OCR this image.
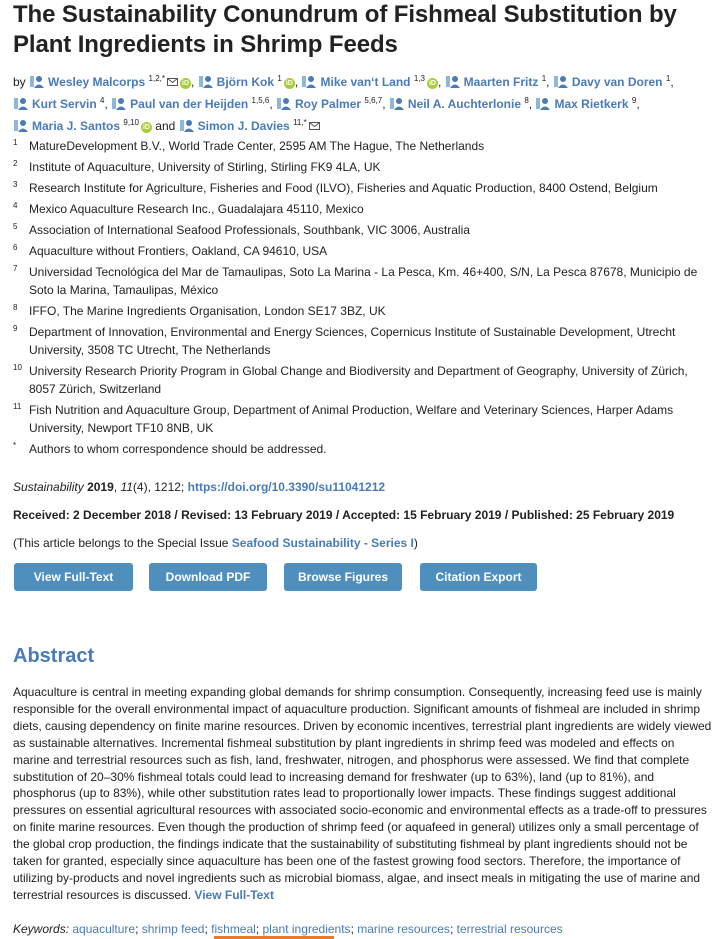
The Sustainability Conundrum of Fishmeal Substitution by Plant Ingredients in Shrimp Feeds
by Wesley Malcorps $^{1,2,*}$iD , Björn Kok $^1$iD , Mike van‘t Land $^{1,3}$iD , Maarten Fritz $^1$, Davy van Doren $^1$, Kurt Servin $^4$, Paul van der Heijden $^{1,5,6}$, Roy Palmer $^{5,6,7}$, Neil A. Auchterlonie $^8$, Max Rietkerk $^9$, Maria J. Santos $^{9,10}$iD and Simon J. Davies $^{11,*}$
1 MatureDevelopment B.V., World Trade Center, 2595 AM The Hague, The Netherlands
2 Institute of Aquaculture, University of Stirling, Stirling FK9 4LA, UK
3 Research Institute for Agriculture, Fisheries and Food (ILVO), Fisheries and Aquatic Production, 8400 Ostend, Belgium
4 Mexico Aquaculture Research Inc., Guadalajara 45110, Mexico
5 Association of International Seafood Professionals, Southbank, VIC 3006, Australia
6 Aquaculture without Frontiers, Oakland, CA 94610, USA
7 Universidad Tecnológica del Mar de Tamaulipas, Soto La Marina - La Pesca, Km. 46+400, S/N, La Pesca 87678, Municipio de Soto la Marina, Tamaulipas, México
8 IFFO, The Marine Ingredients Organisation, London SE17 3BZ, UK
9 Department of Innovation, Environmental and Energy Sciences, Copernicus Institute of Sustainable Development, Utrecht University, 3508 TC Utrecht, The Netherlands
10 University Research Priority Program in Global Change and Biodiversity and Department of Geography, University of Zürich, 8057 Zürich, Switzerland
11 Fish Nutrition and Aquaculture Group, Department of Animal Production, Welfare and Veterinary Sciences, Harper Adams University, Newport TF10 8NB, UK
* Authors to whom correspondence should be addressed.
Sustainability 2019, 11(4), 1212; https://doi.org/10.3390/su11041212
Received: 2 December 2018 / Revised: 13 February 2019 / Accepted: 15 February 2019 / Published: 25 February 2019
(This article belongs to the Special Issue Seafood Sustainability - Series I)
View Full-Text	Download PDF	Browse Figures	Citation Export
Abstract
Aquaculture is central in meeting expanding global demands for shrimp consumption. Consequently, increasing feed use is mainly responsible for the overall environmental impact of aquaculture production. Significant amounts of fishmeal are included in shrimp diets, causing dependency on finite marine resources. Driven by economic incentives, terrestrial plant ingredients are widely viewed as sustainable alternatives. Incremental fishmeal substitution by plant ingredients in shrimp feed was modeled and effects on marine and terrestrial resources such as fish, land, freshwater, nitrogen, and phosphorus were assessed. We find that complete substitution of 20–30% fishmeal totals could lead to increasing demand for freshwater (up to 63%), land (up to 81%), and phosphorus (up to 83%), while other substitution rates lead to proportionally lower impacts. These findings suggest additional pressures on essential agricultural resources with associated socio-economic and environmental effects as a trade-off to pressures on finite marine resources. Even though the production of shrimp feed (or aquafeed in general) utilizes only a small percentage of the global crop production, the findings indicate that the sustainability of substituting fishmeal by plant ingredients should not be taken for granted, especially since aquaculture has been one of the fastest growing food sectors. Therefore, the importance of utilizing by-products and novel ingredients such as microbial biomass, algae, and insect meals in mitigating the use of marine and terrestrial resources is discussed. View Full-Text
Keywords: aquaculture; shrimp feed; fishmeal; plant ingredients; marine resources; terrestrial resources
